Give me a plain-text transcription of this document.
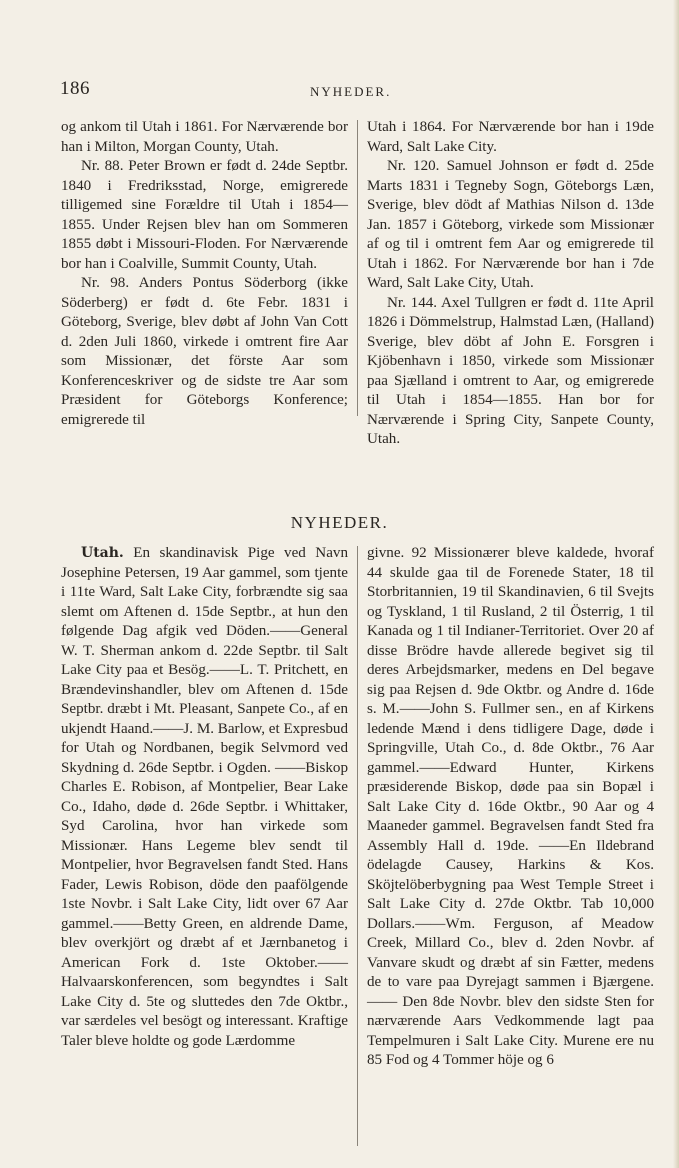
186	NYHEDER.

og ankom til Utah i 1861. For Nærværende bor han i Milton, Morgan County, Utah.

Nr. 88. Peter Brown er født d. 24de Septbr. 1840 i Fredriksstad, Norge, emigrerede tilligemed sine Forældre til Utah i 1854—1855. Under Rejsen blev han om Sommeren 1855 døbt i Missouri-Floden. For Nærværende bor han i Coalville, Summit County, Utah.

Nr. 98. Anders Pontus Söderborg (ikke Söderberg) er født d. 6te Febr. 1831 i Göteborg, Sverige, blev døbt af John Van Cott d. 2den Juli 1860, virkede i omtrent fire Aar som Missionær, det förste Aar som Konferenceskriver og de sidste tre Aar som Præsident for Göteborgs Konference; emigrerede til

Utah i 1864. For Nærværende bor han i 19de Ward, Salt Lake City.

Nr. 120. Samuel Johnson er født d. 25de Marts 1831 i Tegneby Sogn, Göteborgs Læn, Sverige, blev dödt af Mathias Nilson d. 13de Jan. 1857 i Göteborg, virkede som Missionær af og til i omtrent fem Aar og emigrerede til Utah i 1862. For Nærværende bor han i 7de Ward, Salt Lake City, Utah.

Nr. 144. Axel Tullgren er født d. 11te April 1826 i Dömmelstrup, Halmstad Læn, (Halland) Sverige, blev döbt af John E. Forsgren i Kjöbenhavn i 1850, virkede som Missionær paa Sjælland i omtrent to Aar, og emigrerede til Utah i 1854—1855. Han bor for Nærværende i Spring City, Sanpete County, Utah.

NYHEDER.

Utah. En skandinavisk Pige ved Navn Josephine Petersen, 19 Aar gammel, som tjente i 11te Ward, Salt Lake City, forbrændte sig saa slemt om Aftenen d. 15de Septbr., at hun den følgende Dag afgik ved Döden.——General W. T. Sherman ankom d. 22de Septbr. til Salt Lake City paa et Besög.——L. T. Pritchett, en Brændevinshandler, blev om Aftenen d. 15de Septbr. dræbt i Mt. Pleasant, Sanpete Co., af en ukjendt Haand.——J. M. Barlow, et Expresbud for Utah og Nordbanen, begik Selvmord ved Skydning d. 26de Septbr. i Ogden. ——Biskop Charles E. Robison, af Montpelier, Bear Lake Co., Idaho, døde d. 26de Septbr. i Whittaker, Syd Carolina, hvor han virkede som Missionær. Hans Legeme blev sendt til Montpelier, hvor Begravelsen fandt Sted. Hans Fader, Lewis Robison, döde den paafölgende 1ste Novbr. i Salt Lake City, lidt over 67 Aar gammel.——Betty Green, en aldrende Dame, blev overkjört og dræbt af et Jærnbanetog i American Fork d. 1ste Oktober.——Halvaarskonferencen, som begyndtes i Salt Lake City d. 5te og sluttedes den 7de Oktbr., var særdeles vel besögt og interessant. Kraftige Taler bleve holdte og gode Lærdomme

givne. 92 Missionærer bleve kaldede, hvoraf 44 skulde gaa til de Forenede Stater, 18 til Storbritannien, 19 til Skandinavien, 6 til Svejts og Tyskland, 1 til Rusland, 2 til Österrig, 1 til Kanada og 1 til Indianer-Territoriet. Over 20 af disse Brödre havde allerede begivet sig til deres Arbejdsmarker, medens en Del begave sig paa Rejsen d. 9de Oktbr. og Andre d. 16de s. M.——John S. Fullmer sen., en af Kirkens ledende Mænd i dens tidligere Dage, døde i Springville, Utah Co., d. 8de Oktbr., 76 Aar gammel.——Edward Hunter, Kirkens præsiderende Biskop, døde paa sin Bopæl i Salt Lake City d. 16de Oktbr., 90 Aar og 4 Maaneder gammel. Begravelsen fandt Sted fra Assembly Hall d. 19de. ——En Ildebrand ödelagde Causey, Harkins & Kos. Sköjtelöberbygning paa West Temple Street i Salt Lake City d. 27de Oktbr. Tab 10,000 Dollars.——Wm. Ferguson, af Meadow Creek, Millard Co., blev d. 2den Novbr. af Vanvare skudt og dræbt af sin Fætter, medens de to vare paa Dyrejagt sammen i Bjærgene.—— Den 8de Novbr. blev den sidste Sten for nærværende Aars Vedkommende lagt paa Tempelmuren i Salt Lake City. Murene ere nu 85 Fod og 4 Tommer höje og 6
